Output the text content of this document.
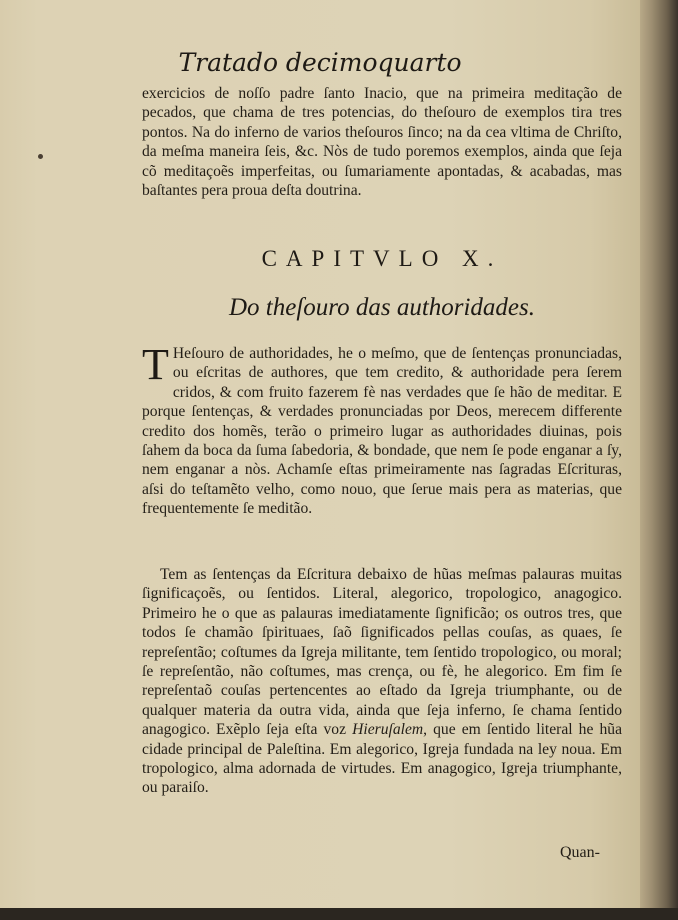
Tratado decimoquarto
exercicios de noſſo padre ſanto Inacio, que na primeira meditação de pecados, que chama de tres potencias, do theſouro de exemplos tira tres pontos. Na do inferno de varios theſouros ſinco; na da cea vltima de Chriſto, da meſma maneira ſeis, &c. Nòs de tudo poremos exemplos, ainda que ſeja cõ meditaçoẽs imperfeitas, ou ſumariamente apontadas, & acabadas, mas baſtantes pera proua deſta doutrina.
CAPITVLO X.
Do theſouro das authoridades.
T Heſouro de authoridades, he o meſmo, que de ſentenças pronunciadas, ou eſcritas de authores, que tem credito, & authoridade pera ſerem cridos, & com fruito fazerem fè nas verdades que ſe hão de meditar. E porque ſentenças, & verdades pronunciadas por Deos, merecem differente credito dos homẽs, terão o primeiro lugar as authoridades diuinas, pois ſahem da boca da ſuma ſabedoria, & bondade, que nem ſe pode enganar a ſy, nem enganar a nòs. Achamſe eſtas primeiramente nas ſagradas Eſcrituras, aſsi do teſtamẽto velho, como nouo, que ſerue mais pera as materias, que frequentemente ſe meditão.
Tem as ſentenças da Eſcritura debaixo de hũas meſmas palauras muitas ſignificaçoẽs, ou ſentidos. Literal, alegorico, tropologico, anagogico. Primeiro he o que as palauras imediatamente ſignificão; os outros tres, que todos ſe chamão ſpirituaes, ſaõ ſignificados pellas couſas, as quaes, ſe repreſentão; coſtumes da Igreja militante, tem ſentido tropologico, ou moral; ſe repreſentão, não coſtumes, mas crença, ou fè, he alegorico. Em fim ſe repreſentaõ couſas pertencentes ao eſtado da Igreja triumphante, ou de qualquer materia da outra vida, ainda que ſeja inferno, ſe chama ſentido anagogico. Exẽplo ſeja eſta voz Hieruſalem, que em ſentido literal he hũa cidade principal de Paleſtina. Em alegorico, Igreja fundada na ley noua. Em tropologico, alma adornada de virtudes. Em anagogico, Igreja triumphante, ou paraiſo.
Quan-
